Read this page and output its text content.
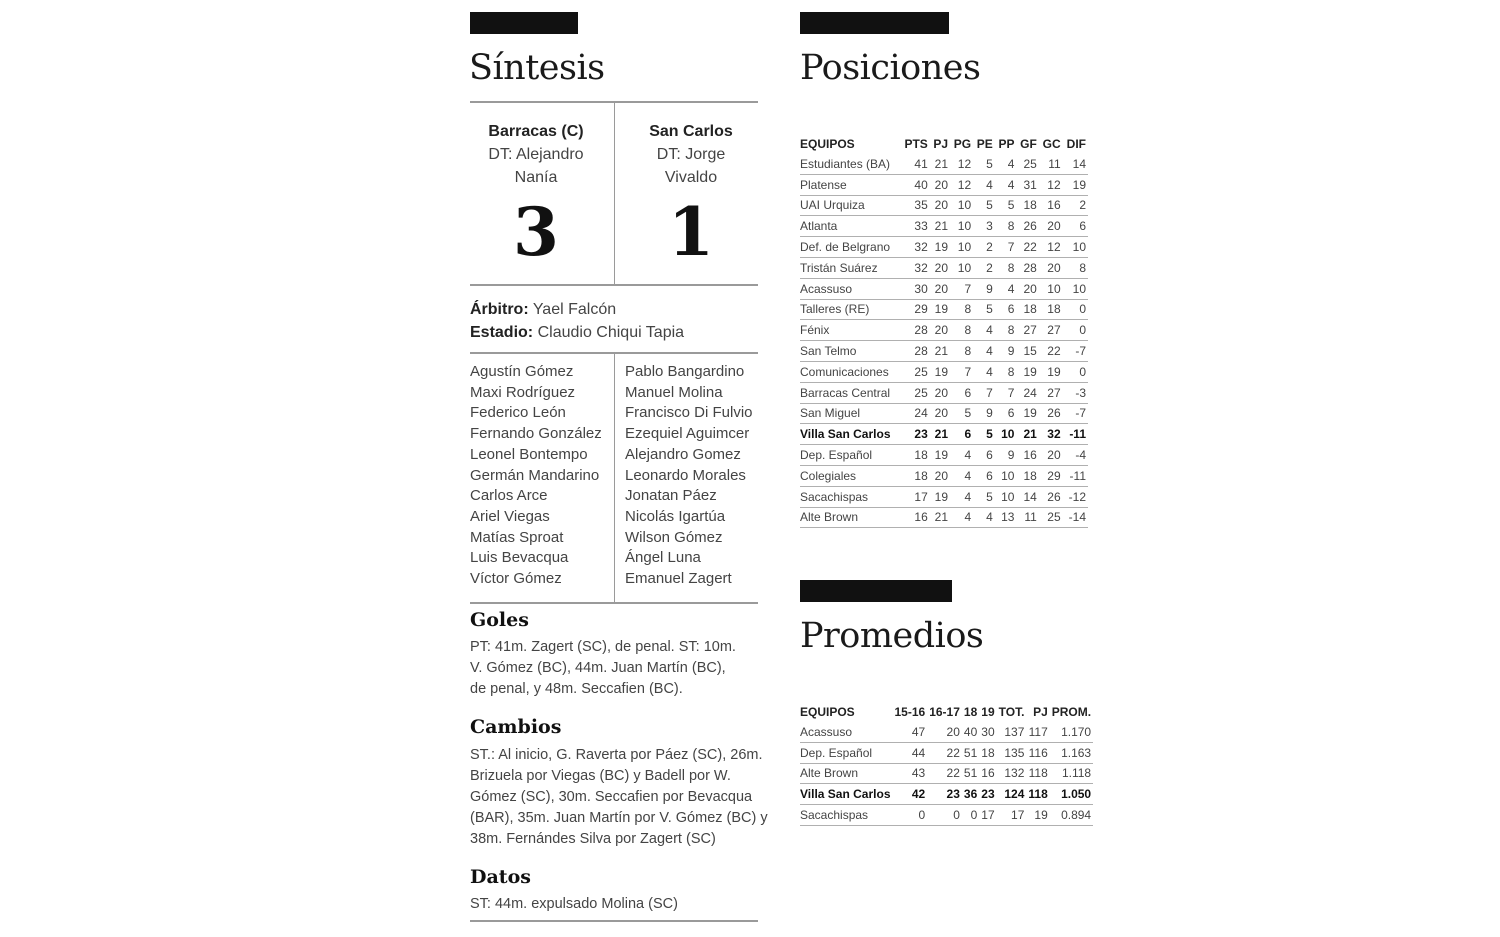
Síntesis
Barracas (C)
DT: Alejandro
Nanía
3
San Carlos
DT: Jorge
Vivaldo
1
Árbitro: Yael Falcón
Estadio: Claudio Chiqui Tapia
Agustín Gómez
Maxi Rodríguez
Federico León
Fernando González
Leonel Bontempo
Germán Mandarino
Carlos Arce
Ariel Viegas
Matías Sproat
Luis Bevacqua
Víctor Gómez
Pablo Bangardino
Manuel Molina
Francisco Di Fulvio
Ezequiel Aguimcer
Alejandro Gomez
Leonardo Morales
Jonatan Páez
Nicolás Igartúa
Wilson Gómez
Ángel Luna
Emanuel Zagert
Goles
PT: 41m. Zagert (SC), de penal. ST: 10m.
V. Gómez (BC), 44m. Juan Martín (BC),
de penal, y 48m. Seccafien (BC).
Cambios
ST.: Al inicio, G. Raverta por Páez (SC), 26m.
Brizuela por Viegas (BC) y Badell por W.
Gómez (SC), 30m. Seccafien por Bevacqua
(BAR), 35m. Juan Martín por V. Gómez (BC) y
38m. Fernándes Silva por Zagert (SC)
Datos
ST: 44m. expulsado Molina (SC)
Posiciones
EQUIPOS	PTS	PJ	PG	PE	PP	GF	GC	DIF
Estudiantes (BA)	41	21	12	5	4	25	11	14
Platense	40	20	12	4	4	31	12	19
UAI Urquiza	35	20	10	5	5	18	16	2
Atlanta	33	21	10	3	8	26	20	6
Def. de Belgrano	32	19	10	2	7	22	12	10
Tristán Suárez	32	20	10	2	8	28	20	8
Acassuso	30	20	7	9	4	20	10	10
Talleres (RE)	29	19	8	5	6	18	18	0
Fénix	28	20	8	4	8	27	27	0
San Telmo	28	21	8	4	9	15	22	-7
Comunicaciones	25	19	7	4	8	19	19	0
Barracas Central	25	20	6	7	7	24	27	-3
San Miguel	24	20	5	9	6	19	26	-7
Villa San Carlos	23	21	6	5	10	21	32	-11
Dep. Español	18	19	4	6	9	16	20	-4
Colegiales	18	20	4	6	10	18	29	-11
Sacachispas	17	19	4	5	10	14	26	-12
Alte Brown	16	21	4	4	13	11	25	-14
Promedios
EQUIPOS	15-16	16-17	18	19	TOT.	PJ	PROM.
Acassuso	47	20	40	30	137	117	1.170
Dep. Español	44	22	51	18	135	116	1.163
Alte Brown	43	22	51	16	132	118	1.118
Villa San Carlos	42	23	36	23	124	118	1.050
Sacachispas	0	0	0	17	17	19	0.894
